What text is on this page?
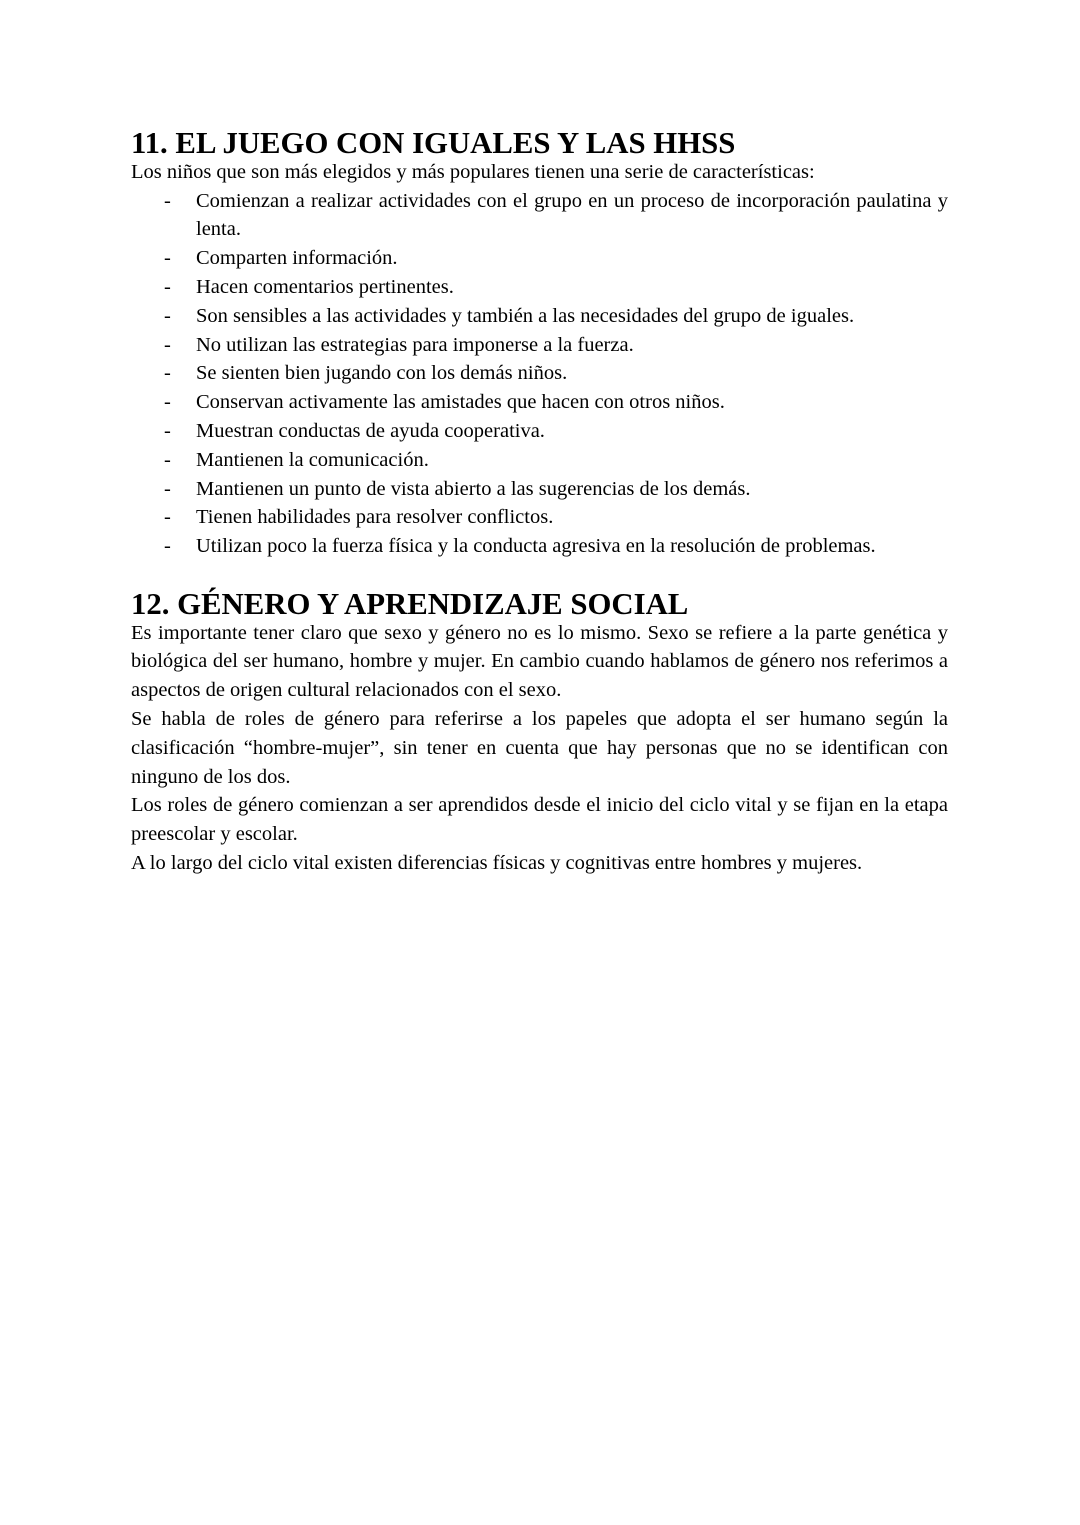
11. EL JUEGO CON IGUALES Y LAS HHSS

Los niños que son más elegidos y más populares tienen una serie de características:

- Comienzan a realizar actividades con el grupo en un proceso de incorporación paulatina y lenta.
- Comparten información.
- Hacen comentarios pertinentes.
- Son sensibles a las actividades y también a las necesidades del grupo de iguales.
- No utilizan las estrategias para imponerse a la fuerza.
- Se sienten bien jugando con los demás niños.
- Conservan activamente las amistades que hacen con otros niños.
- Muestran conductas de ayuda cooperativa.
- Mantienen la comunicación.
- Mantienen un punto de vista abierto a las sugerencias de los demás.
- Tienen habilidades para resolver conflictos.
- Utilizan poco la fuerza física y la conducta agresiva en la resolución de problemas.
12. GÉNERO Y APRENDIZAJE SOCIAL

Es importante tener claro que sexo y género no es lo mismo. Sexo se refiere a la parte genética y biológica del ser humano, hombre y mujer. En cambio cuando hablamos de género nos referimos a aspectos de origen cultural relacionados con el sexo.

Se habla de roles de género para referirse a los papeles que adopta el ser humano según la clasificación “hombre-mujer”, sin tener en cuenta que hay personas que no se identifican con ninguno de los dos.

Los roles de género comienzan a ser aprendidos desde el inicio del ciclo vital y se fijan en la etapa preescolar y escolar.

A lo largo del ciclo vital existen diferencias físicas y cognitivas entre hombres y mujeres.
